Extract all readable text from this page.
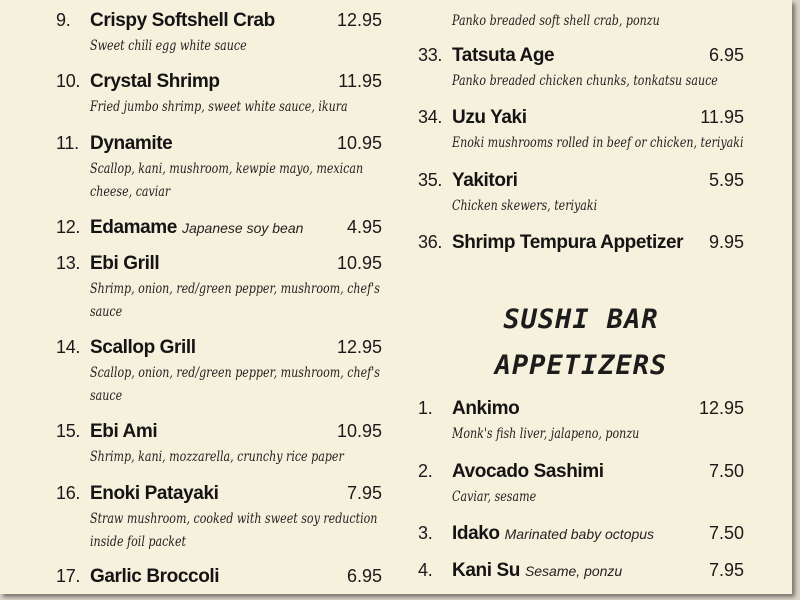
9. Crispy Softshell Crab	12.95
Sweet chili egg white sauce
10. Crystal Shrimp	11.95
Fried jumbo shrimp, sweet white sauce, ikura
11. Dynamite	10.95
Scallop, kani, mushroom, kewpie mayo, mexican
cheese, caviar
12. Edamame Japanese soy bean 4.95
13. Ebi Grill	10.95
Shrimp, onion, red/green pepper, mushroom, chef's
sauce
14. Scallop Grill	12.95
Scallop, onion, red/green pepper, mushroom, chef's
sauce
15. Ebi Ami	10.95
Shrimp, kani, mozzarella, crunchy rice paper
16. Enoki Patayaki	7.95
Straw mushroom, cooked with sweet soy reduction
inside foil packet
17. Garlic Broccoli	6.95
Panko breaded soft shell crab, ponzu
33. Tatsuta Age	6.95
Panko breaded chicken chunks, tonkatsu sauce
34. Uzu Yaki	11.95
Enoki mushrooms rolled in beef or chicken, teriyaki
35. Yakitori	5.95
Chicken skewers, teriyaki
36. Shrimp Tempura Appetizer 9.95
1. Ankimo	12.95
Monk's fish liver, jalapeno, ponzu
2. Avocado Sashimi	7.50
Caviar, sesame
3. Idako Marinated baby octopus	7.50
4. Kani Su Sesame, ponzu	7.95
SUSHI BAR
APPETIZERS
